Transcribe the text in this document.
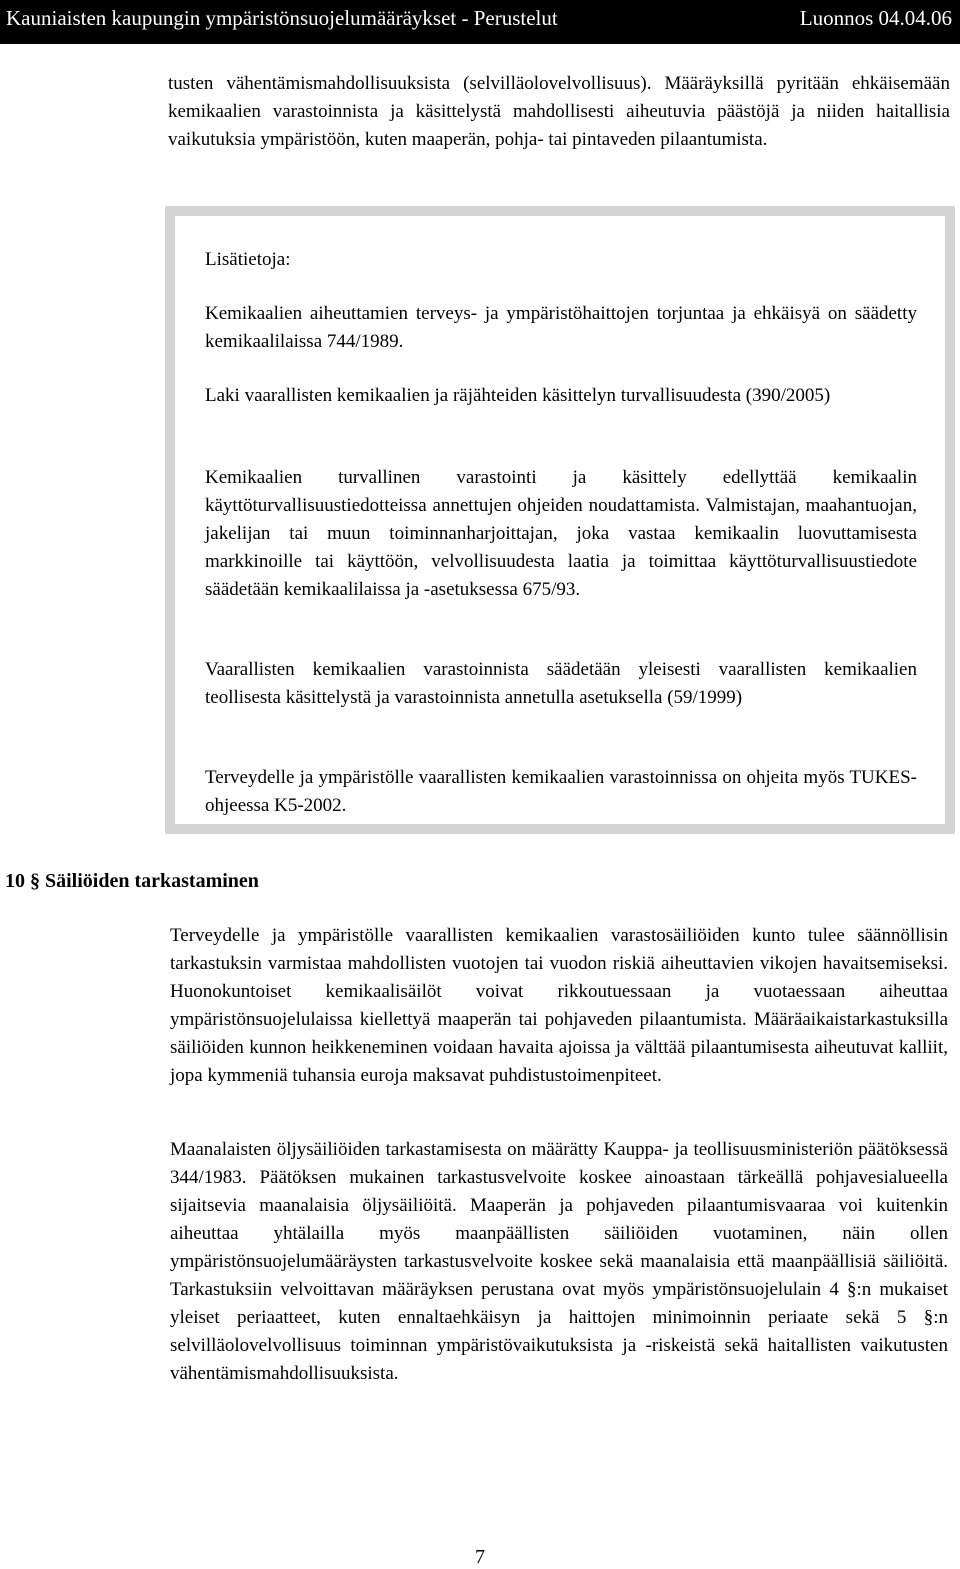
Kauniaisten kaupungin ympäristönsuojelumääräykset - Perustelut	Luonnos 04.04.06

tusten vähentämismahdollisuuksista (selvilläolovelvollisuus). Määräyksillä pyritään ehkäisemään kemikaalien varastoinnista ja käsittelystä mahdollisesti aiheutuvia päästöjä ja niiden haitallisia vaikutuksia ympäristöön, kuten maaperän, pohja- tai pintaveden pilaantumista.

Lisätietoja:

Kemikaalien aiheuttamien terveys- ja ympäristöhaittojen torjuntaa ja ehkäisyä on säädetty kemikaalilaissa 744/1989.

Laki vaarallisten kemikaalien ja räjähteiden käsittelyn turvallisuudesta (390/2005)

Kemikaalien turvallinen varastointi ja käsittely edellyttää kemikaalin käyttöturvallisuustiedotteissa annettujen ohjeiden noudattamista. Valmistajan, maahantuojan, jakelijan tai muun toiminnanharjoittajan, joka vastaa kemikaalin luovuttamisesta markkinoille tai käyttöön, velvollisuudesta laatia ja toimittaa käyttöturvallisuustiedote säädetään kemikaalilaissa ja -asetuksessa 675/93.

Vaarallisten kemikaalien varastoinnista säädetään yleisesti vaarallisten kemikaalien teollisesta käsittelystä ja varastoinnista annetulla asetuksella (59/1999)

Terveydelle ja ympäristölle vaarallisten kemikaalien varastoinnissa on ohjeita myös TUKES-ohjeessa K5-2002.

10 § Säiliöiden tarkastaminen

Terveydelle ja ympäristölle vaarallisten kemikaalien varastosäiliöiden kunto tulee säännöllisin tarkastuksin varmistaa mahdollisten vuotojen tai vuodon riskiä aiheuttavien vikojen havaitsemiseksi. Huonokuntoiset kemikaalisäilöt voivat rikkoutuessaan ja vuotaessaan aiheuttaa ympäristönsuojelulaissa kiellettyä maaperän tai pohjaveden pilaantumista. Määräaikaistarkastuksilla säiliöiden kunnon heikkeneminen voidaan havaita ajoissa ja välttää pilaantumisesta aiheutuvat kalliit, jopa kymmeniä tuhansia euroja maksavat puhdistustoimenpiteet.

Maanalaisten öljysäiliöiden tarkastamisesta on määrätty Kauppa- ja teollisuusministeriön päätöksessä 344/1983. Päätöksen mukainen tarkastusvelvoite koskee ainoastaan tärkeällä pohjavesialueella sijaitsevia maanalaisia öljysäiliöitä. Maaperän ja pohjaveden pilaantumisvaaraa voi kuitenkin aiheuttaa yhtälailla myös maanpäällisten säiliöiden vuotaminen, näin ollen ympäristönsuojelumääräysten tarkastusvelvoite koskee sekä maanalaisia että maanpäällisiä säiliöitä. Tarkastuksiin velvoittavan määräyksen perustana ovat myös ympäristönsuojelulain 4 §:n mukaiset yleiset periaatteet, kuten ennaltaehkäisyn ja haittojen minimoinnin periaate sekä 5 §:n selvilläolovelvollisuus toiminnan ympäristövaikutuksista ja -riskeistä sekä haitallisten vaikutusten vähentämismahdollisuuksista.

7
